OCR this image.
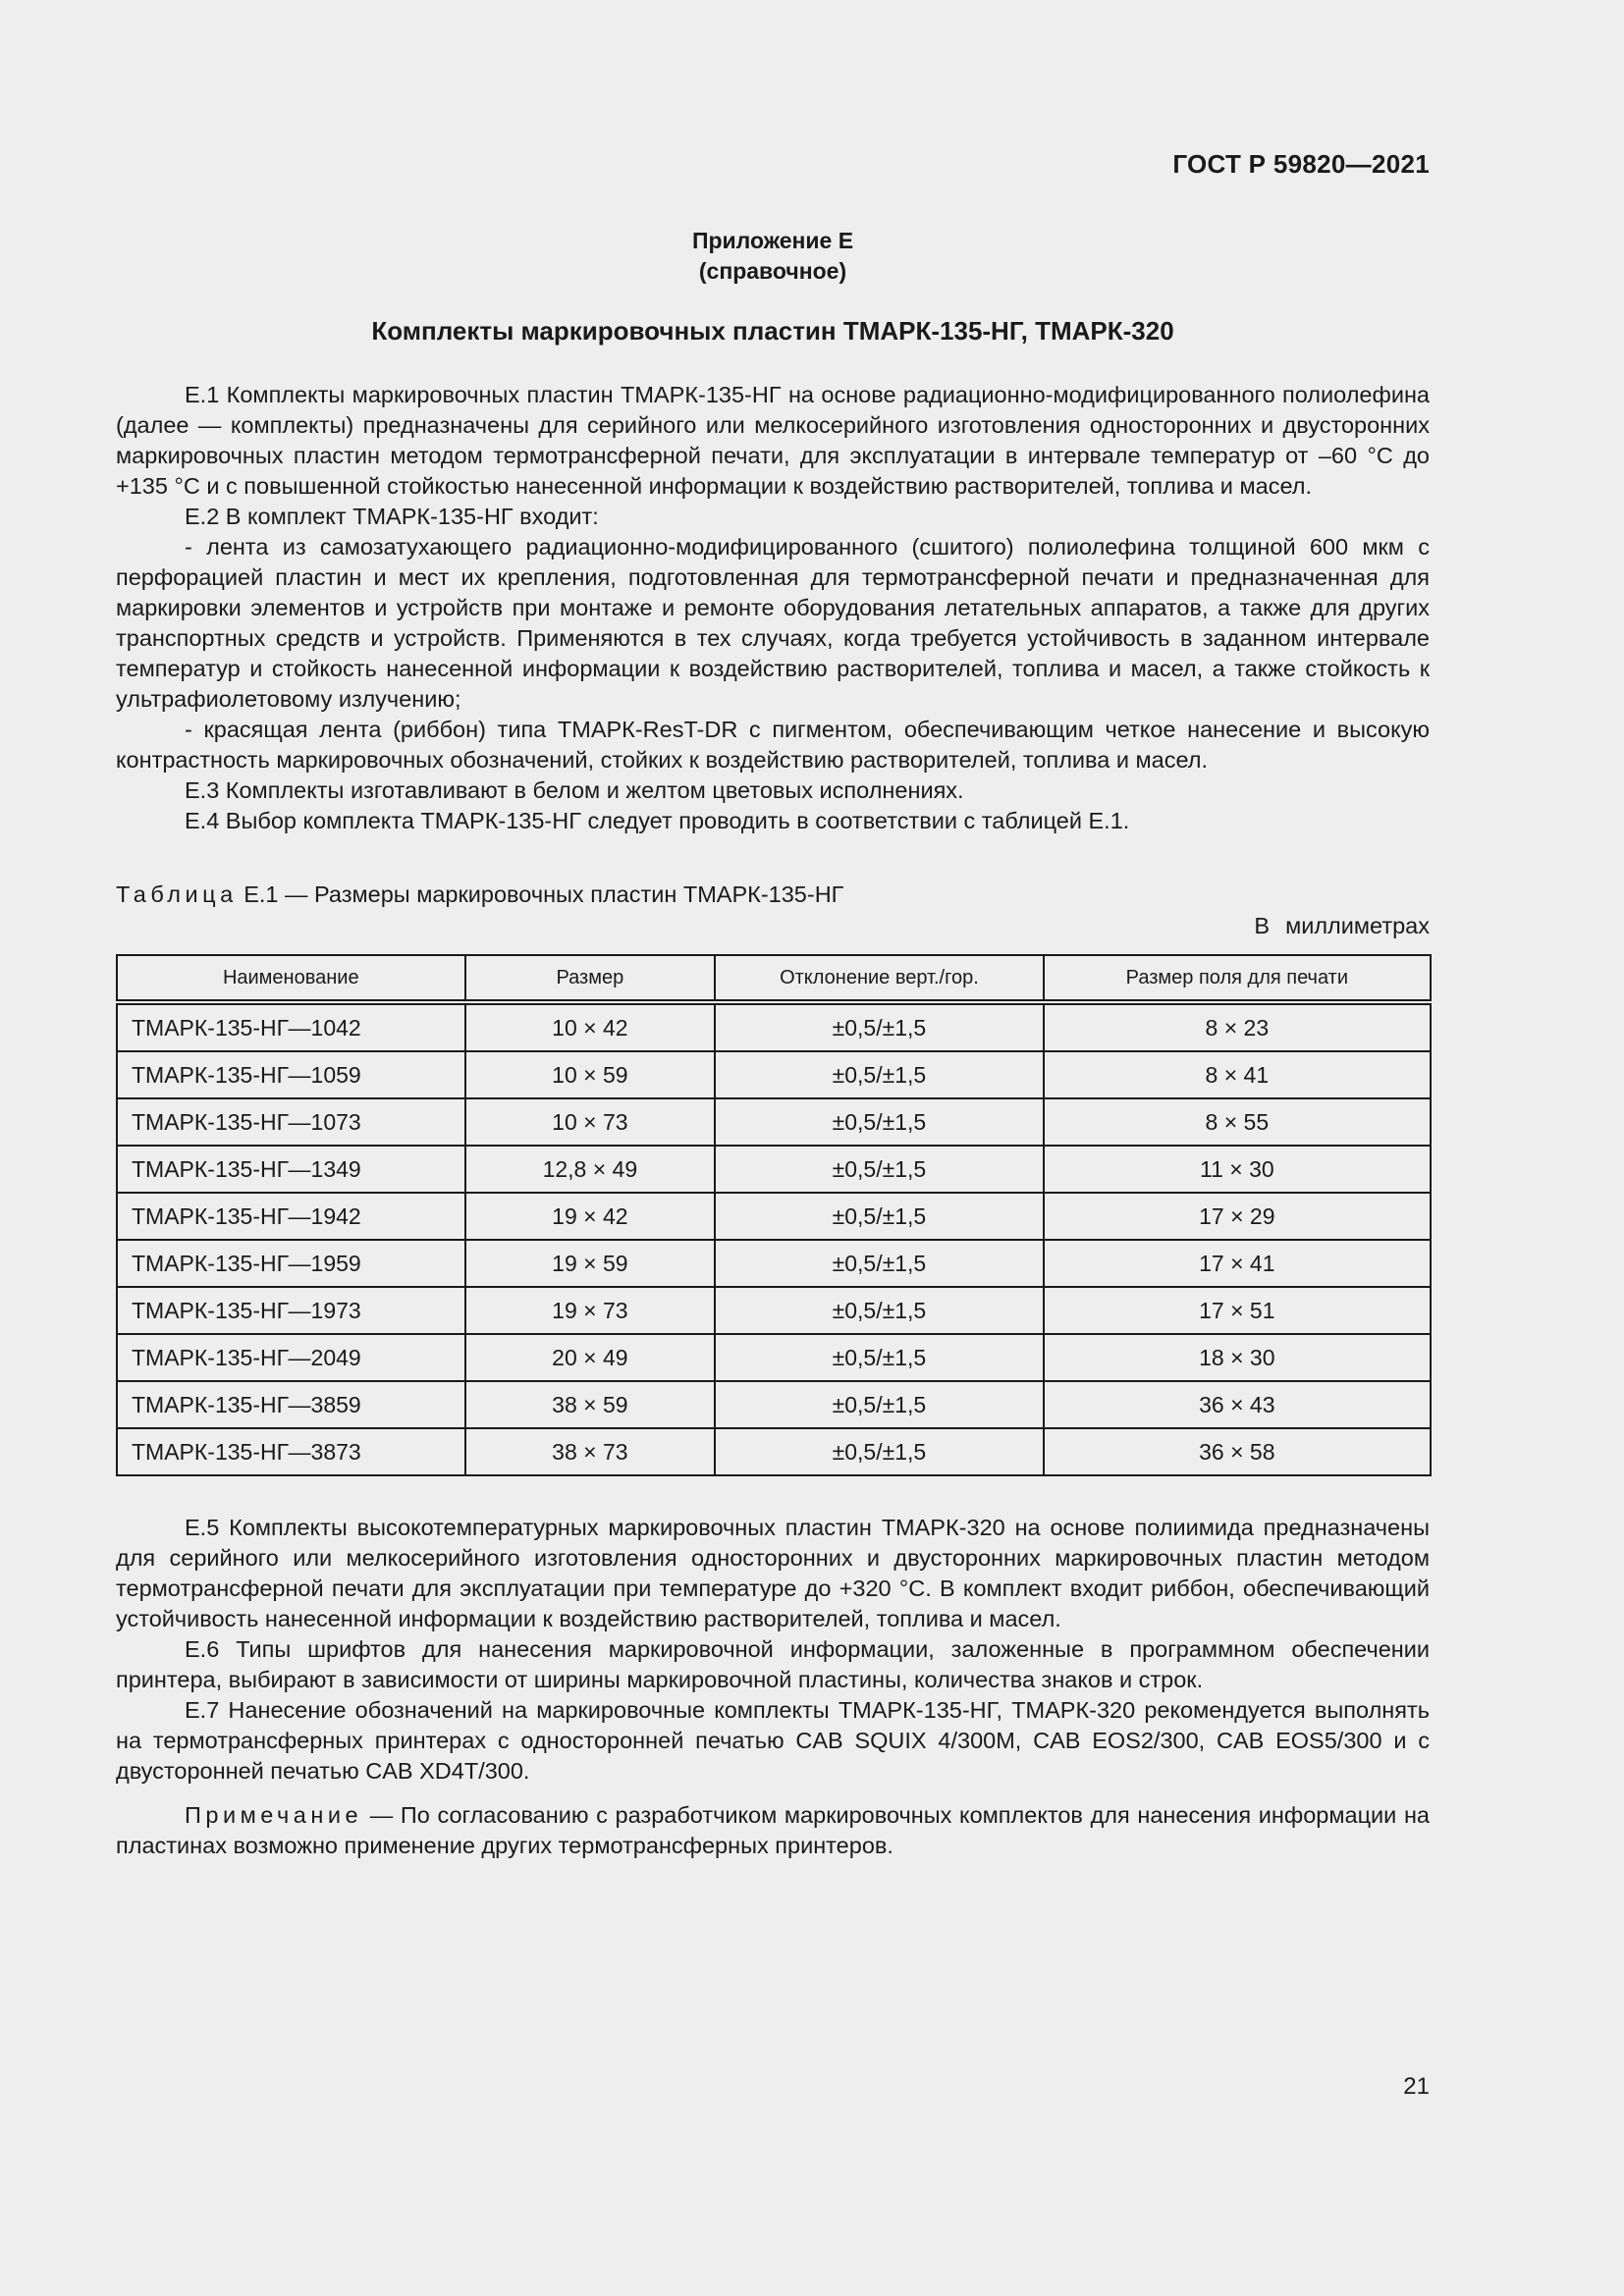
ГОСТ Р 59820—2021
Приложение Е
(справочное)
Комплекты маркировочных пластин ТМАРК-135-НГ, ТМАРК-320

Е.1 Комплекты маркировочных пластин ТМАРК-135-НГ на основе радиационно-модифицированного полиолефина (далее — комплекты) предназначены для серийного или мелкосерийного изготовления односторонних и двусторонних маркировочных пластин методом термотрансферной печати, для эксплуатации в интервале температур от –60 °С до +135 °С и с повышенной стойкостью нанесенной информации к воздействию растворителей, топлива и масел.

Е.2 В комплект ТМАРК-135-НГ входит:

- лента из самозатухающего радиационно-модифицированного (сшитого) полиолефина толщиной 600 мкм с перфорацией пластин и мест их крепления, подготовленная для термотрансферной печати и предназначенная для маркировки элементов и устройств при монтаже и ремонте оборудования летательных аппаратов, а также для других транспортных средств и устройств. Применяются в тех случаях, когда требуется устойчивость в заданном интервале температур и стойкость нанесенной информации к воздействию растворителей, топлива и масел, а также стойкость к ультрафиолетовому излучению;

- красящая лента (риббон) типа ТМАРК-ResT-DR с пигментом, обеспечивающим четкое нанесение и высокую контрастность маркировочных обозначений, стойких к воздействию растворителей, топлива и масел.

Е.3 Комплекты изготавливают в белом и желтом цветовых исполнениях.

Е.4 Выбор комплекта ТМАРК-135-НГ следует проводить в соответствии с таблицей Е.1.

Таблица Е.1 — Размеры маркировочных пластин ТМАРК-135-НГ
В миллиметрах
Наименование	Размер	Отклонение верт./гор.	Размер поля для печати
ТМАРК-135-НГ—1042	10 × 42	±0,5/±1,5	8 × 23
ТМАРК-135-НГ—1059	10 × 59	±0,5/±1,5	8 × 41
ТМАРК-135-НГ—1073	10 × 73	±0,5/±1,5	8 × 55
ТМАРК-135-НГ—1349	12,8 × 49	±0,5/±1,5	11 × 30
ТМАРК-135-НГ—1942	19 × 42	±0,5/±1,5	17 × 29
ТМАРК-135-НГ—1959	19 × 59	±0,5/±1,5	17 × 41
ТМАРК-135-НГ—1973	19 × 73	±0,5/±1,5	17 × 51
ТМАРК-135-НГ—2049	20 × 49	±0,5/±1,5	18 × 30
ТМАРК-135-НГ—3859	38 × 59	±0,5/±1,5	36 × 43
ТМАРК-135-НГ—3873	38 × 73	±0,5/±1,5	36 × 58

Е.5 Комплекты высокотемпературных маркировочных пластин ТМАРК-320 на основе полиимида предназначены для серийного или мелкосерийного изготовления односторонних и двусторонних маркировочных пластин методом термотрансферной печати для эксплуатации при температуре до +320 °С. В комплект входит риббон, обеспечивающий устойчивость нанесенной информации к воздействию растворителей, топлива и масел.

Е.6 Типы шрифтов для нанесения маркировочной информации, заложенные в программном обеспечении принтера, выбирают в зависимости от ширины маркировочной пластины, количества знаков и строк.

Е.7 Нанесение обозначений на маркировочные комплекты ТМАРК-135-НГ, ТМАРК-320 рекомендуется выполнять на термотрансферных принтерах с односторонней печатью CAB SQUIX 4/300М, CAB EOS2/300, CAB EOS5/300 и с двусторонней печатью CAB XD4T/300.

Примечание — По согласованию с разработчиком маркировочных комплектов для нанесения информации на пластинах возможно применение других термотрансферных принтеров.

21
